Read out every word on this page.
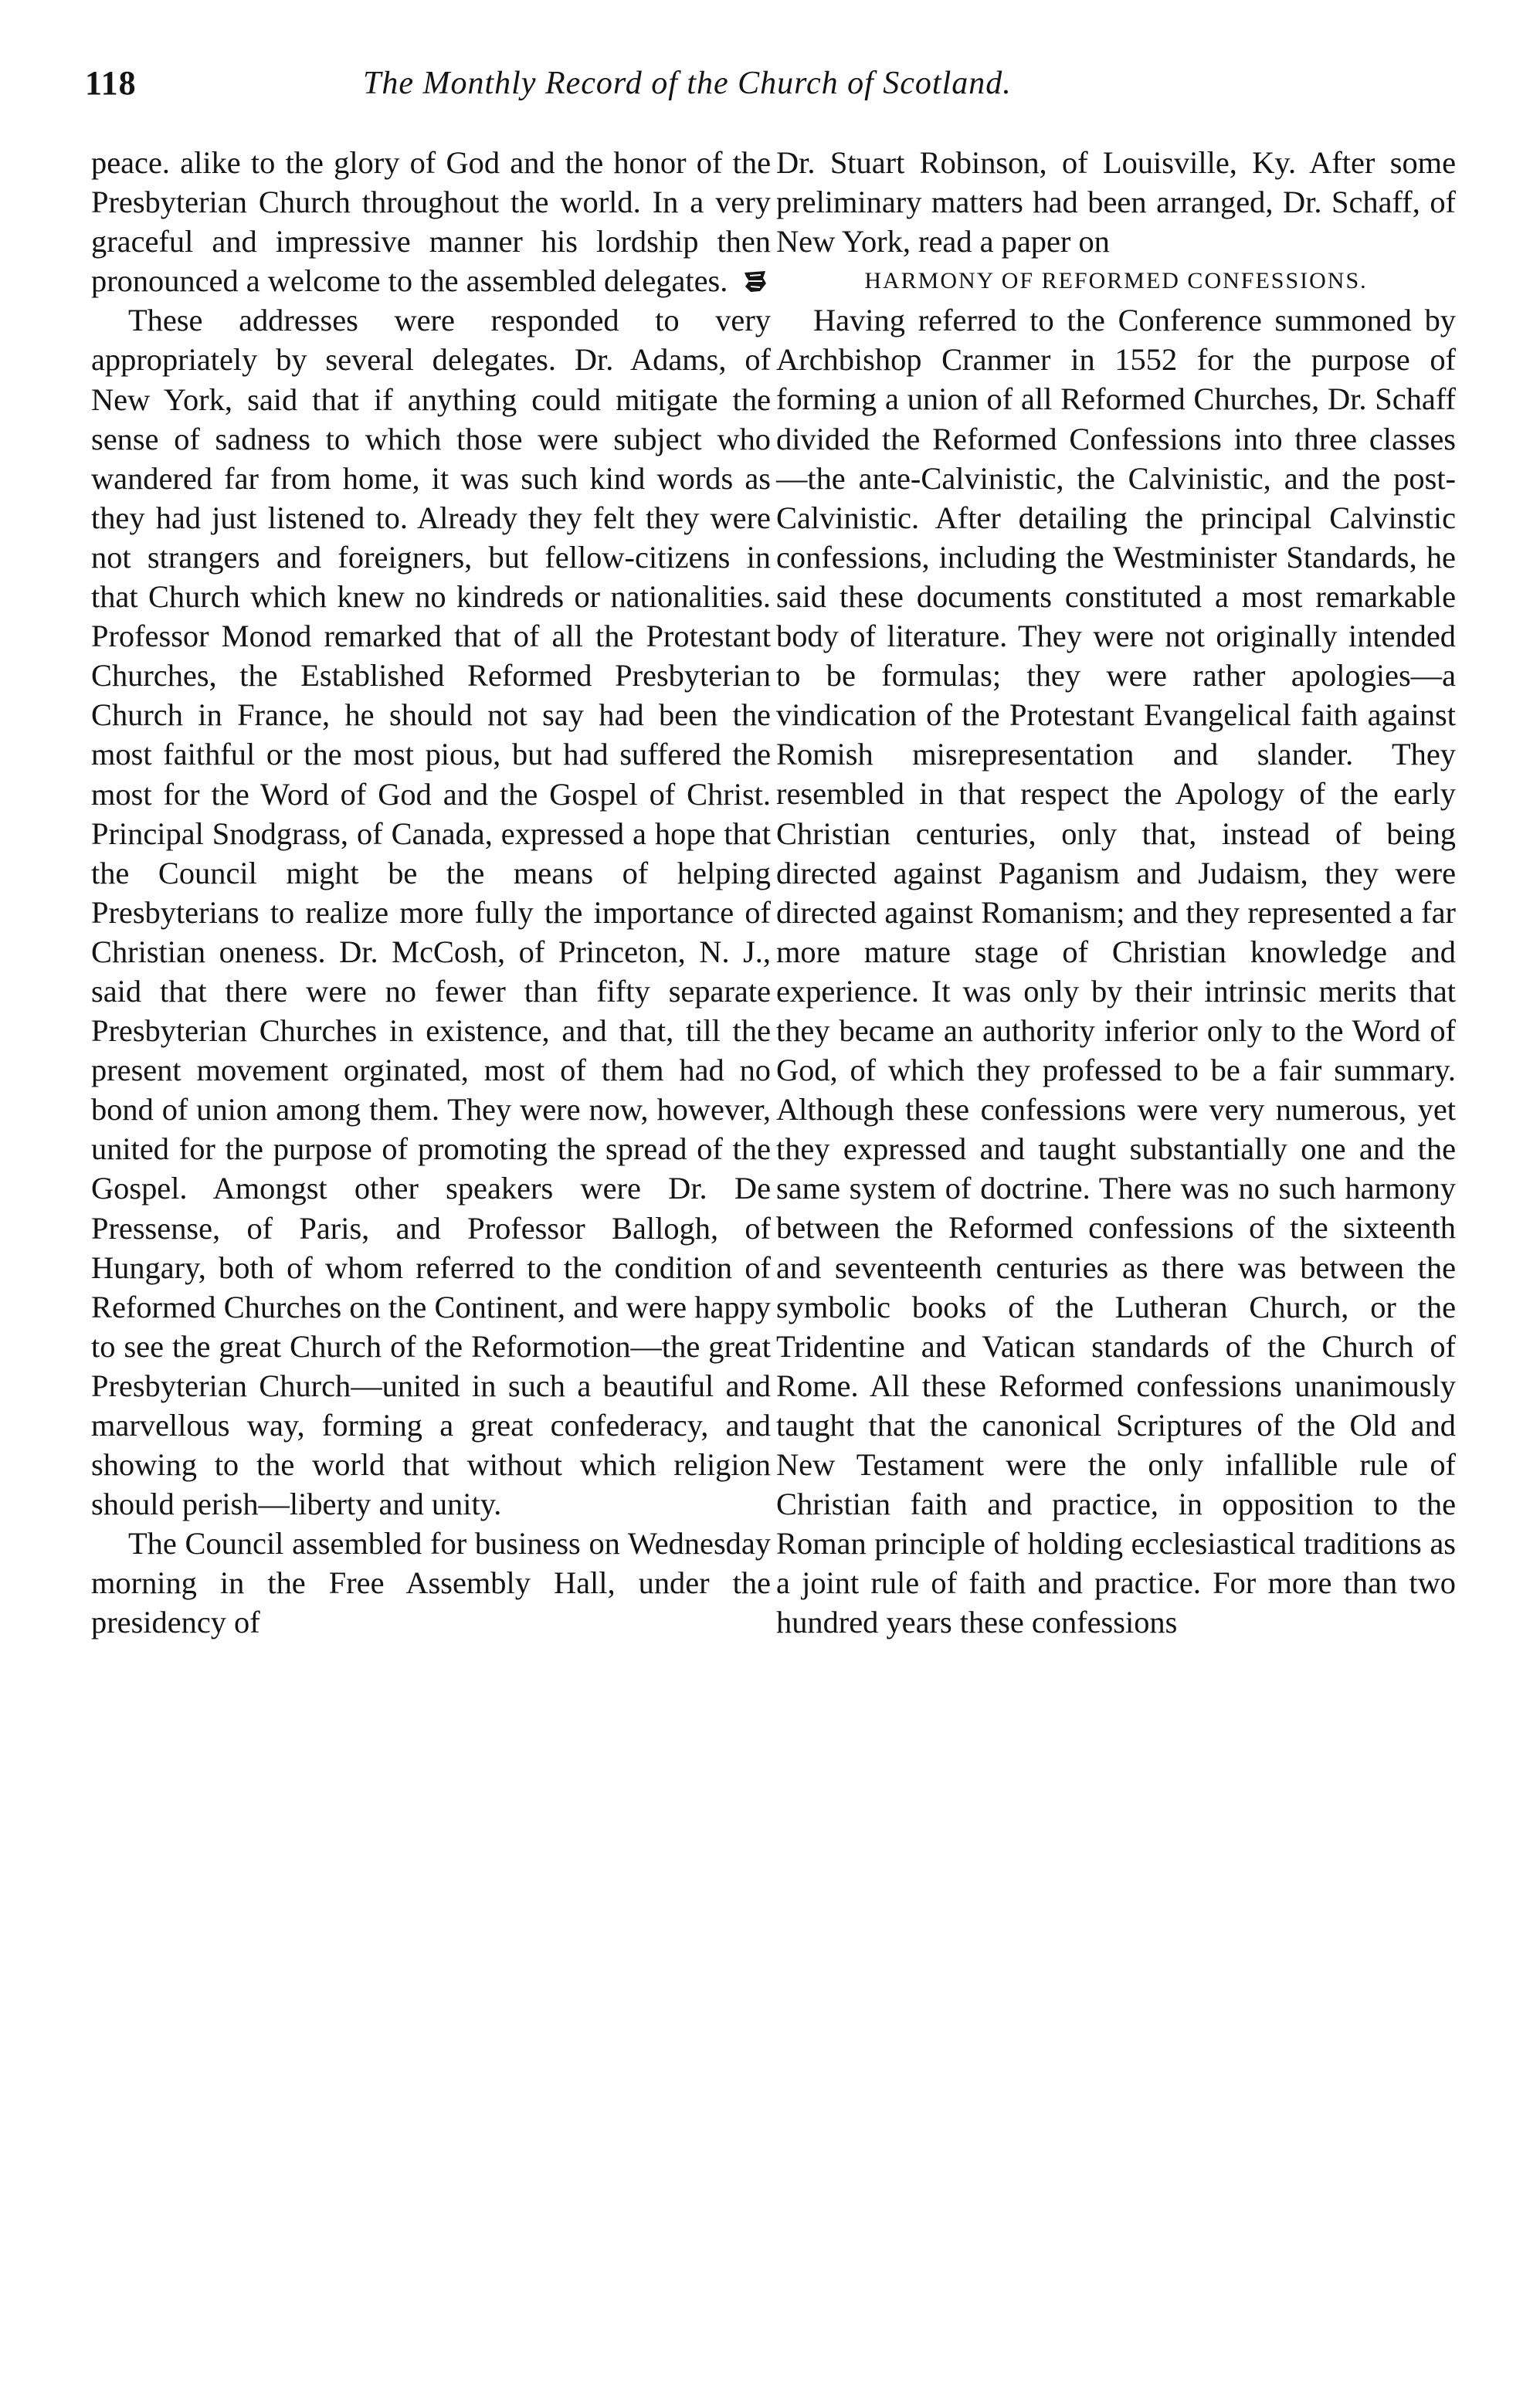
118	The Monthly Record of the Church of Scotland.

peace. alike to the glory of God and the honor of the Presbyterian Church throughout the world. In a very graceful and impressive manner his lordship then pronounced a welcome to the assembled delegates.

These addresses were responded to very appropriately by several delegates. Dr. Adams, of New York, said that if anything could mitigate the sense of sadness to which those were subject who wandered far from home, it was such kind words as they had just listened to. Already they felt they were not strangers and foreigners, but fellow-citizens in that Church which knew no kindreds or nationalities. Professor Monod remarked that of all the Protestant Churches, the Established Reformed Presbyterian Church in France, he should not say had been the most faithful or the most pious, but had suffered the most for the Word of God and the Gospel of Christ. Principal Snodgrass, of Canada, expressed a hope that the Council might be the means of helping Presbyterians to realize more fully the importance of Christian oneness. Dr. McCosh, of Princeton, N. J., said that there were no fewer than fifty separate Presbyterian Churches in existence, and that, till the present movement orginated, most of them had no bond of union among them. They were now, however, united for the purpose of promoting the spread of the Gospel. Amongst other speakers were Dr. De Pressense, of Paris, and Professor Ballogh, of Hungary, both of whom referred to the condition of Reformed Churches on the Continent, and were happy to see the great Church of the Reformotion—the great Presbyterian Church—united in such a beautiful and marvellous way, forming a great confederacy, and showing to the world that without which religion should perish—liberty and unity.

The Council assembled for business on Wednesday morning in the Free Assembly Hall, under the presidency of

Dr. Stuart Robinson, of Louisville, Ky. After some preliminary matters had been arranged, Dr. Schaff, of New York, read a paper on

HARMONY OF REFORMED CONFESSIONS.

Having referred to the Conference summoned by Archbishop Cranmer in 1552 for the purpose of forming a union of all Reformed Churches, Dr. Schaff divided the Reformed Confessions into three classes—the ante-Calvinistic, the Calvinistic, and the post-Calvinistic. After detailing the principal Calvinstic confessions, including the Westminister Standards, he said these documents constituted a most remarkable body of literature. They were not originally intended to be formulas; they were rather apologies—a vindication of the Protestant Evangelical faith against Romish misrepresentation and slander. They resembled in that respect the Apology of the early Christian centuries, only that, instead of being directed against Paganism and Judaism, they were directed against Romanism; and they represented a far more mature stage of Christian knowledge and experience. It was only by their intrinsic merits that they became an authority inferior only to the Word of God, of which they professed to be a fair summary. Although these confessions were very numerous, yet they expressed and taught substantially one and the same system of doctrine. There was no such harmony between the Reformed confessions of the sixteenth and seventeenth centuries as there was between the symbolic books of the Lutheran Church, or the Tridentine and Vatican standards of the Church of Rome. All these Reformed confessions unanimously taught that the canonical Scriptures of the Old and New Testament were the only infallible rule of Christian faith and practice, in opposition to the Roman principle of holding ecclesiastical traditions as a joint rule of faith and practice. For more than two hundred years these confessions
